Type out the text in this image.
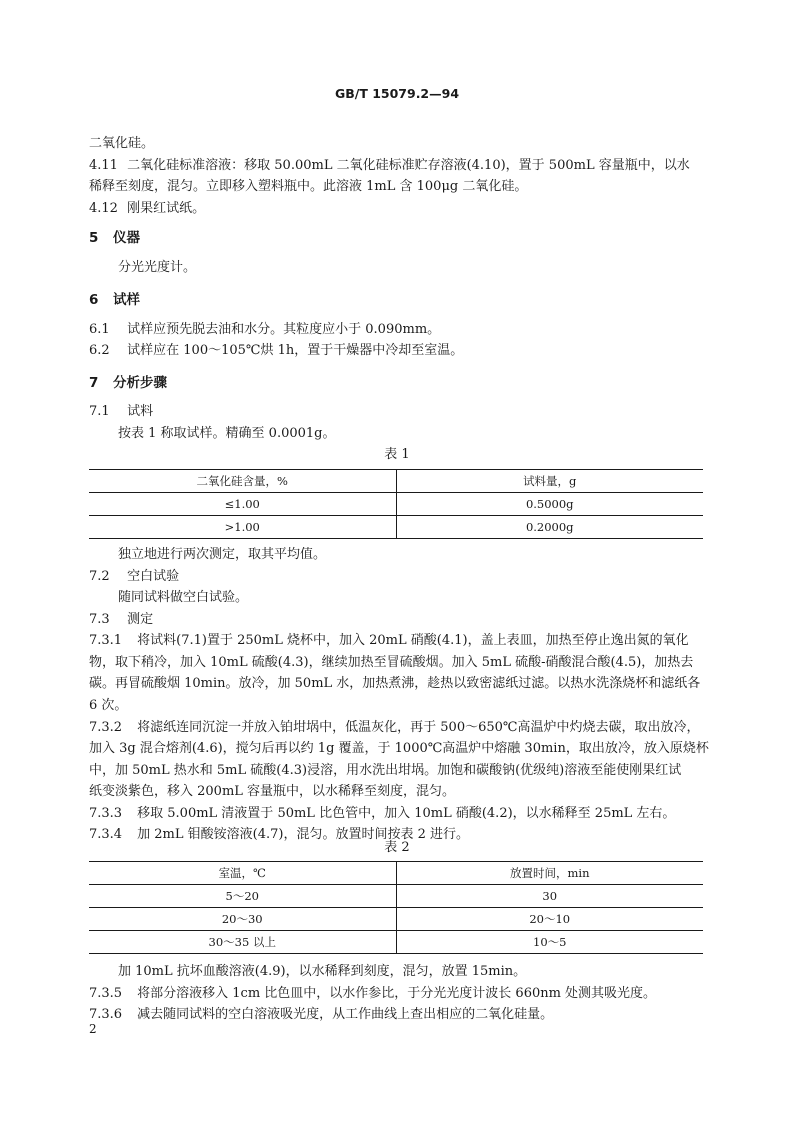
GB/T 15079.2—94
二氧化硅。
4.11 二氧化硅标准溶液：移取 50.00mL 二氧化硅标准贮存溶液(4.10)，置于 500mL 容量瓶中，以水
稀释至刻度，混匀。立即移入塑料瓶中。此溶液 1mL 含 100μg 二氧化硅。
4.12 刚果红试纸。
5 仪器
分光光度计。
6 试样
6.1 试样应预先脱去油和水分。其粒度应小于 0.090mm。
6.2 试样应在 100～105℃烘 1h，置于干燥器中冷却至室温。
7 分析步骤
7.1 试料
按表 1 称取试样。精确至 0.0001g。
表 1
二氧化硅含量，%	试料量，g
≤1.00	0.5000g
>1.00	0.2000g
独立地进行两次测定，取其平均值。
7.2 空白试验
随同试料做空白试验。
7.3 测定
7.3.1 将试料(7.1)置于 250mL 烧杯中，加入 20mL 硝酸(4.1)，盖上表皿，加热至停止逸出氮的氧化
物，取下稍冷，加入 10mL 硫酸(4.3)，继续加热至冒硫酸烟。加入 5mL 硫酸-硝酸混合酸(4.5)，加热去
碳。再冒硫酸烟 10min。放冷，加 50mL 水，加热煮沸，趁热以致密滤纸过滤。以热水洗涤烧杯和滤纸各
6 次。
7.3.2 将滤纸连同沉淀一并放入铂坩埚中，低温灰化，再于 500～650℃高温炉中灼烧去碳，取出放冷，
加入 3g 混合熔剂(4.6)，搅匀后再以约 1g 覆盖，于 1000℃高温炉中熔融 30min，取出放冷，放入原烧杯
中，加 50mL 热水和 5mL 硫酸(4.3)浸溶，用水洗出坩埚。加饱和碳酸钠(优级纯)溶液至能使刚果红试
纸变淡紫色，移入 200mL 容量瓶中，以水稀释至刻度，混匀。
7.3.3 移取 5.00mL 清液置于 50mL 比色管中，加入 10mL 硝酸(4.2)，以水稀释至 25mL 左右。
7.3.4 加 2mL 钼酸铵溶液(4.7)，混匀。放置时间按表 2 进行。
表 2
室温，℃	放置时间，min
5～20	30
20～30	20～10
30～35 以上	10～5
加 10mL 抗坏血酸溶液(4.9)，以水稀释到刻度，混匀，放置 15min。
7.3.5 将部分溶液移入 1cm 比色皿中，以水作参比，于分光光度计波长 660nm 处测其吸光度。
7.3.6 减去随同试料的空白溶液吸光度，从工作曲线上查出相应的二氧化硅量。
2
